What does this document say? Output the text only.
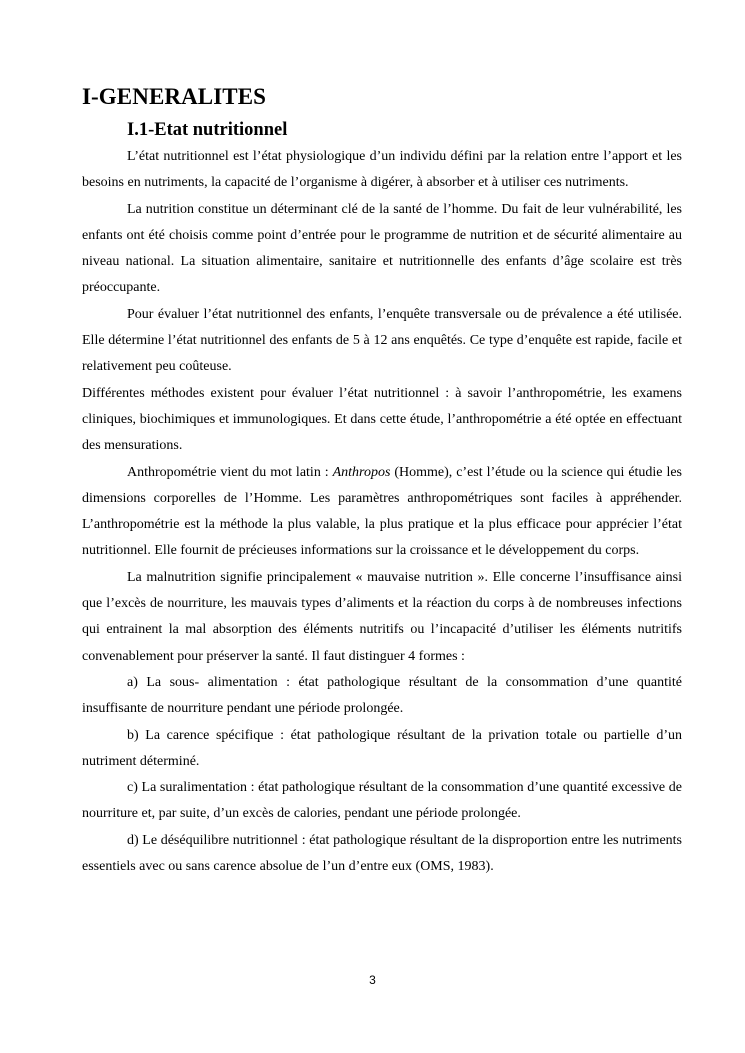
I-GENERALITES
I.1-Etat nutritionnel

L’état nutritionnel est l’état physiologique d’un individu défini par la relation entre l’apport et les besoins en nutriments, la capacité de l’organisme à digérer, à absorber et à utiliser ces nutriments.

La nutrition constitue un déterminant clé de la santé de l’homme. Du fait de leur vulnérabilité, les enfants ont été choisis comme point d’entrée pour le programme de nutrition et de sécurité alimentaire au niveau national. La situation alimentaire, sanitaire et nutritionnelle des enfants d’âge scolaire est très préoccupante.

Pour évaluer l’état nutritionnel des enfants, l’enquête transversale ou de prévalence a été utilisée. Elle détermine l’état nutritionnel des enfants de 5 à 12 ans enquêtés. Ce type d’enquête est rapide, facile et relativement peu coûteuse.

Différentes méthodes existent pour évaluer l’état nutritionnel : à savoir l’anthropométrie, les examens cliniques, biochimiques et immunologiques. Et dans cette étude, l’anthropométrie a été optée en effectuant des mensurations.

Anthropométrie vient du mot latin : Anthropos (Homme), c’est l’étude ou la science qui étudie les dimensions corporelles de l’Homme. Les paramètres anthropométriques sont faciles à appréhender. L’anthropométrie est la méthode la plus valable, la plus pratique et la plus efficace pour apprécier l’état nutritionnel. Elle fournit de précieuses informations sur la croissance et le développement du corps.

La malnutrition signifie principalement « mauvaise nutrition ». Elle concerne l’insuffisance ainsi que l’excès de nourriture, les mauvais types d’aliments et la réaction du corps à de nombreuses infections qui entrainent la mal absorption des éléments nutritifs ou l’incapacité d’utiliser les éléments nutritifs convenablement pour préserver la santé. Il faut distinguer 4 formes :

a) La sous- alimentation : état pathologique résultant de la consommation d’une quantité insuffisante de nourriture pendant une période prolongée.

b) La carence spécifique : état pathologique résultant de la privation totale ou partielle d’un nutriment déterminé.

c) La suralimentation : état pathologique résultant de la consommation d’une quantité excessive de nourriture et, par suite, d’un excès de calories, pendant une période prolongée.

d) Le déséquilibre nutritionnel : état pathologique résultant de la disproportion entre les nutriments essentiels avec ou sans carence absolue de l’un d’entre eux (OMS, 1983).

3
